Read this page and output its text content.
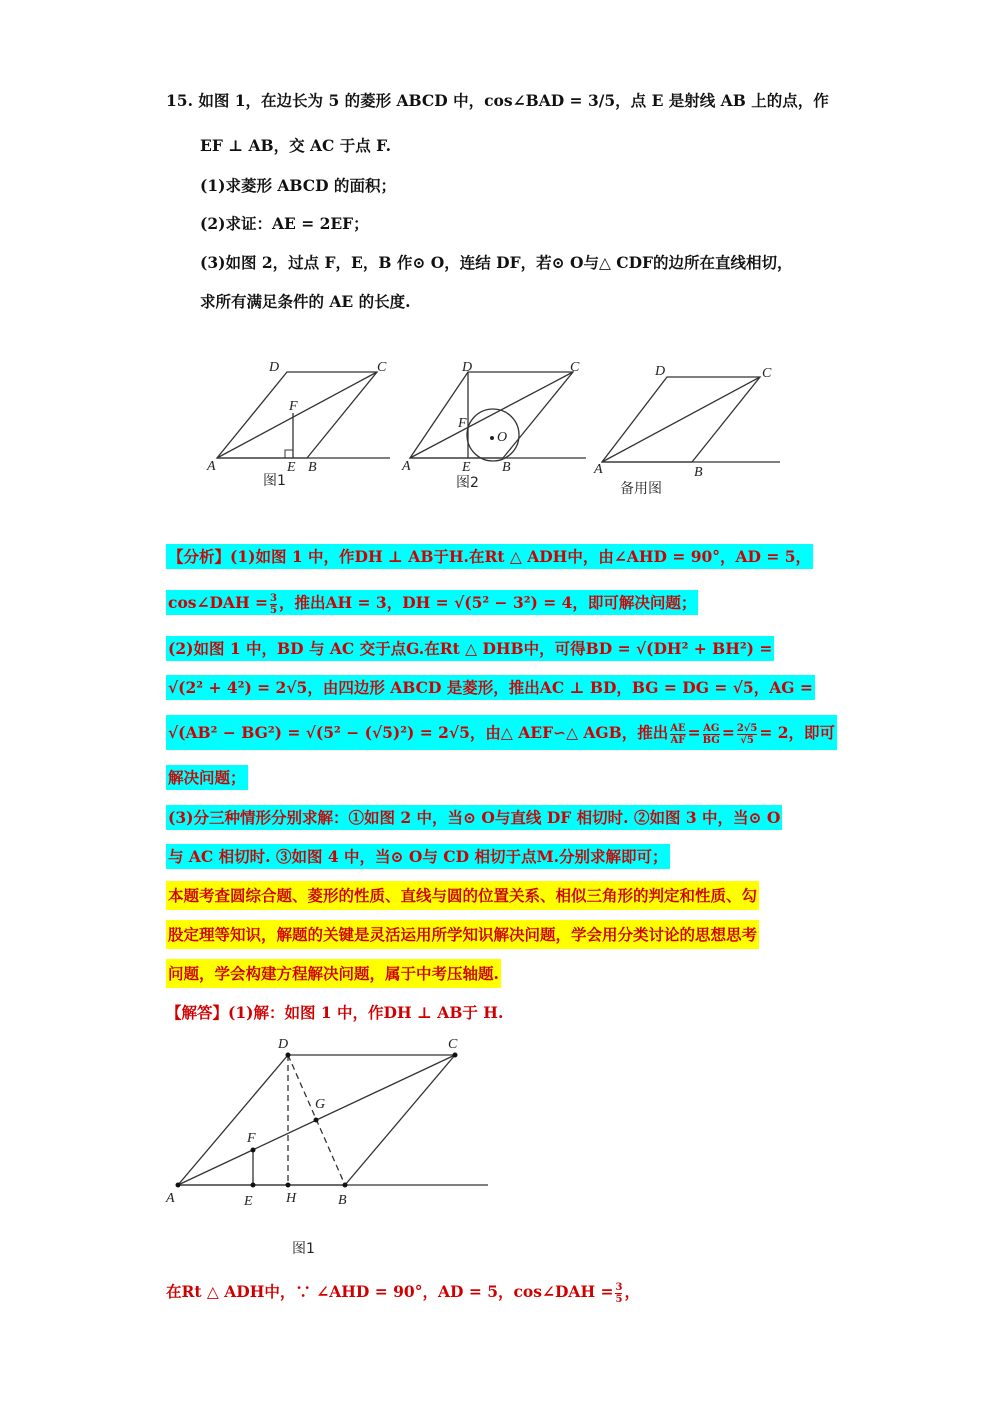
15. 如图 1，在边长为 5 的菱形 ABCD 中，cos∠BAD = 3/5，点 E 是射线 AB 上的点，作
EF ⊥ AB，交 AC 于点 F.
(1)求菱形 ABCD 的面积；
(2)求证：AE = 2EF；
(3)如图 2，过点 F，E，B 作⊙ O，连结 DF，若⊙ O与△ CDF的边所在直线相切，
求所有满足条件的 AE 的长度.
D	C
F
A	E B
图1
D	C
F
O
A	E B
图2
D	C
A	B
备用图
【分析】(1)如图 1 中，作DH ⊥ AB于H.在Rt △ ADH中，由∠AHD = 90°，AD = 5，
cos∠DAH = $\frac{3}{5}$ ，推出AH = 3，DH = √(5² − 3²) = 4，即可解决问题；
(2)如图 1 中，BD 与 AC 交于点G.在Rt △ DHB中，可得BD = √(DH² + BH²) =
√(2² + 4²) = 2√5，由四边形 ABCD 是菱形，推出AC ⊥ BD，BG = DG = √5，AG =
√(AB² − BG²) = √(5² − (√5)²) = 2√5，由△ AEF∽△ AGB，推出 $\frac{AE}{AF} = \frac{AG}{BG} = \frac{2√5}{√5} = 2$，即可
解决问题；
(3)分三种情形分别求解：①如图 2 中，当⊙ O与直线 DF 相切时. ②如图 3 中，当⊙ O
与 AC 相切时. ③如图 4 中，当⊙ O与 CD 相切于点M.分别求解即可；
本题考查圆综合题、菱形的性质、直线与圆的位置关系、相似三角形的判定和性质、勾
股定理等知识，解题的关键是灵活运用所学知识解决问题，学会用分类讨论的思想思考
问题，学会构建方程解决问题，属于中考压轴题.
【解答】(1)解：如图 1 中，作DH ⊥ AB于 H.
D	C
G
F
A	E H	B
图1
在Rt △ ADH中，∵ ∠AHD = 90°，AD = 5，cos∠DAH = $\frac{3}{5}$ ，
